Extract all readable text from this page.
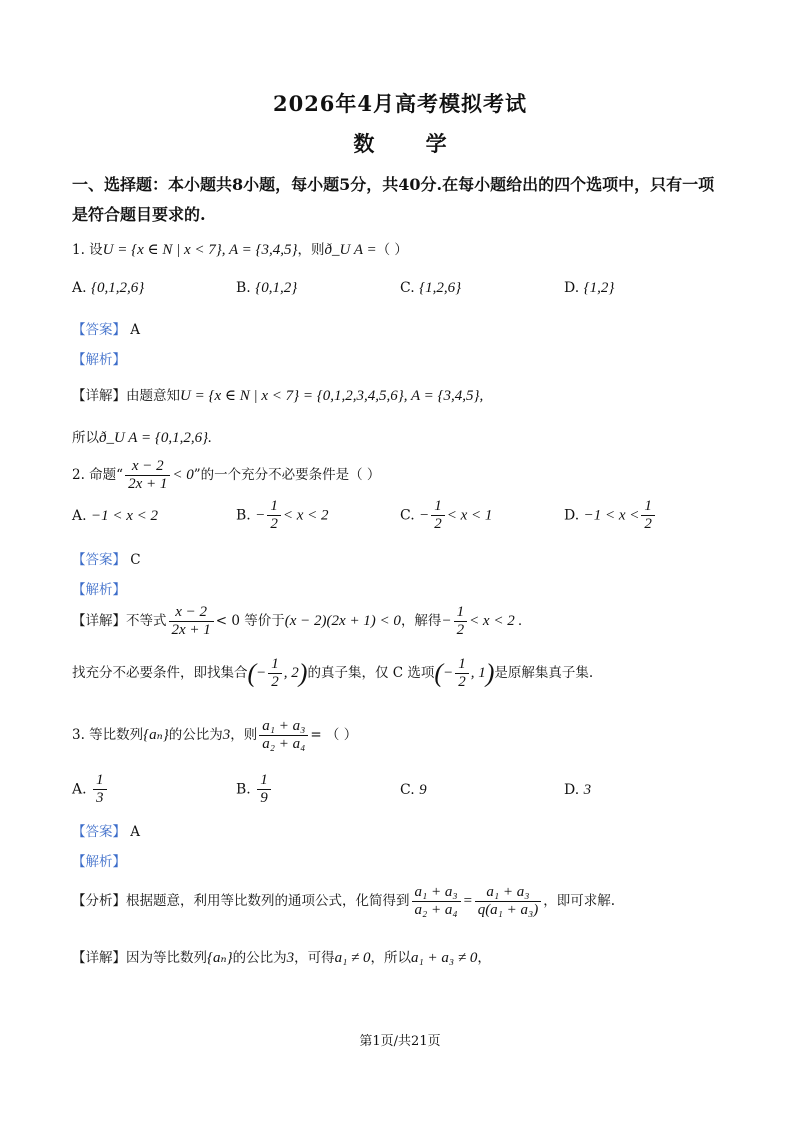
2026年4月高考模拟考试
数 学
一、选择题：本小题共8小题，每小题5分，共40分.在每小题给出的四个选项中，只有一项
是符合题目要求的.
1. 设U = {x ∈ N | x < 7}, A = {3,4,5}，则ð_U A =（ ）
A. {0,1,2,6}	B. {0,1,2}	C. {1,2,6}	D. {1,2}
【答案】 A
【解析】
【详解】由题意知U = {x ∈ N | x < 7} = {0,1,2,3,4,5,6}, A = {3,4,5},
所以ð_U A = {0,1,2,6}.
2. 命题“ $\frac{x - 2}{2x + 1} < 0$”的一个充分不必要条件是（ ）
A. −1 < x < 2	B. − $\frac{1}{2} < x < 2$	C. − $\frac{1}{2} < x < 1$	D. $-1 < x < \frac{1}{2}$
【答案】 C
【解析】
【详解】不等式 $\frac{x - 2}{2x + 1} < 0$ 等价于(x − 2)(2x + 1) < 0，解得− $\frac{1}{2} < x < 2$ .
找充分不必要条件，即找集合(− $\frac{1}{2}$ , 2)的真子集，仅 C 选项(− $\frac{1}{2}$ , 1)是原解集真子集.
3. 等比数列{aₙ}的公比为3，则 $\frac{\text{a₁ + a₃}}{\text{a₂ + a₄}}$ = （ ）
A. $\frac{1}{3}$	B. $\frac{1}{9}$	C. 9	D. 3
【答案】 A
【解析】
【分析】根据题意，利用等比数列的通项公式，化简得到 $\frac{\text{a₁ + a₃}}{\text{a₂ + a₄}} = \frac{\text{a₁ + a₃}}{\text{q(a₁ + a₃)}}$ ，即可求解.
【详解】因为等比数列{aₙ}的公比为3，可得a₁ ≠ 0，所以a₁ + a₃ ≠ 0，
第1页/共21页
